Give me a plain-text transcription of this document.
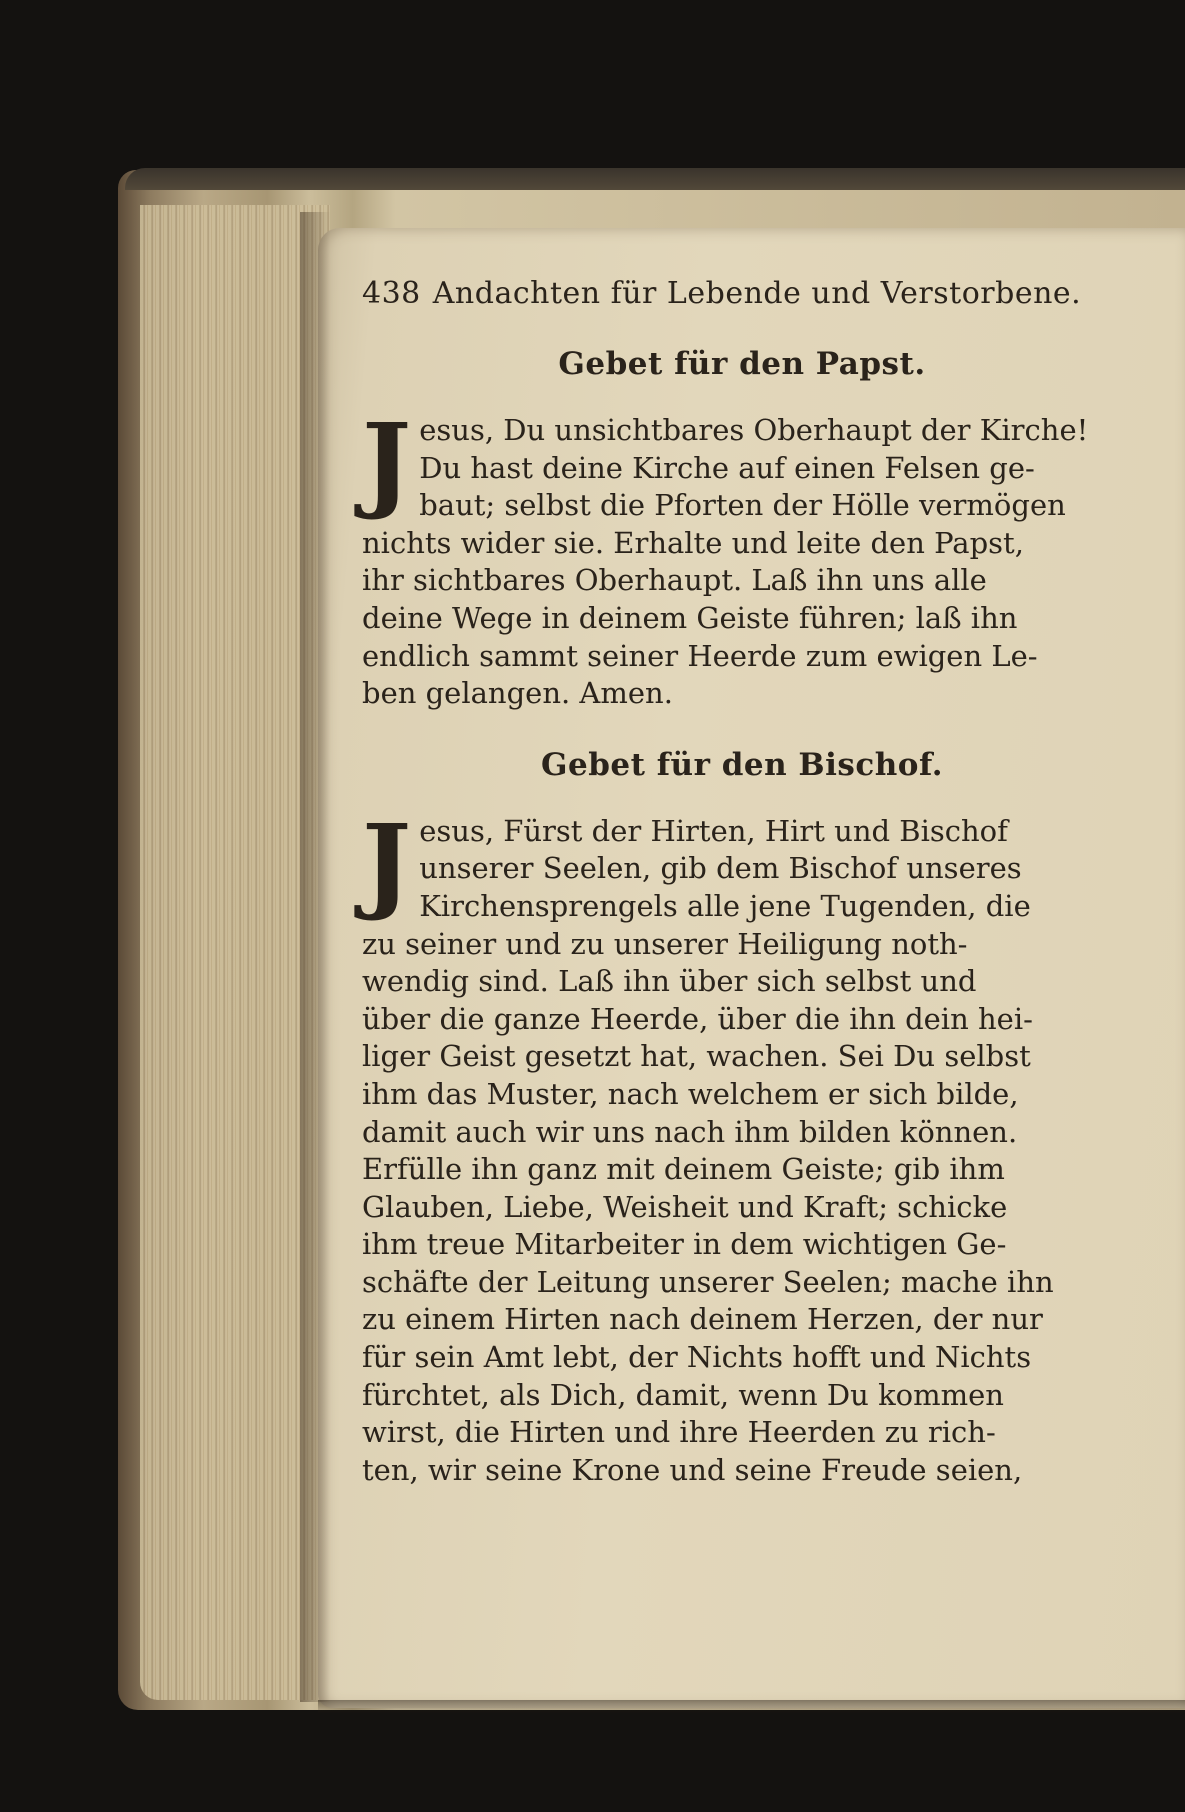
438 Andachten für Lebende und Verstorbene.
Gebet für den Papst.

J esus, Du unsichtbares Oberhaupt der Kirche!
Du hast deine Kirche auf einen Felsen ge-
baut; selbst die Pforten der Hölle vermögen
nichts wider sie. Erhalte und leite den Papst,
ihr sichtbares Oberhaupt. Laß ihn uns alle
deine Wege in deinem Geiste führen; laß ihn
endlich sammt seiner Heerde zum ewigen Le-
ben gelangen. Amen.

Gebet für den Bischof.

J esus, Fürst der Hirten, Hirt und Bischof
unserer Seelen, gib dem Bischof unseres
Kirchensprengels alle jene Tugenden, die
zu seiner und zu unserer Heiligung noth-
wendig sind. Laß ihn über sich selbst und
über die ganze Heerde, über die ihn dein hei-
liger Geist gesetzt hat, wachen. Sei Du selbst
ihm das Muster, nach welchem er sich bilde,
damit auch wir uns nach ihm bilden können.
Erfülle ihn ganz mit deinem Geiste; gib ihm
Glauben, Liebe, Weisheit und Kraft; schicke
ihm treue Mitarbeiter in dem wichtigen Ge-
schäfte der Leitung unserer Seelen; mache ihn
zu einem Hirten nach deinem Herzen, der nur
für sein Amt lebt, der Nichts hofft und Nichts
fürchtet, als Dich, damit, wenn Du kommen
wirst, die Hirten und ihre Heerden zu rich-
ten, wir seine Krone und seine Freude seien,
